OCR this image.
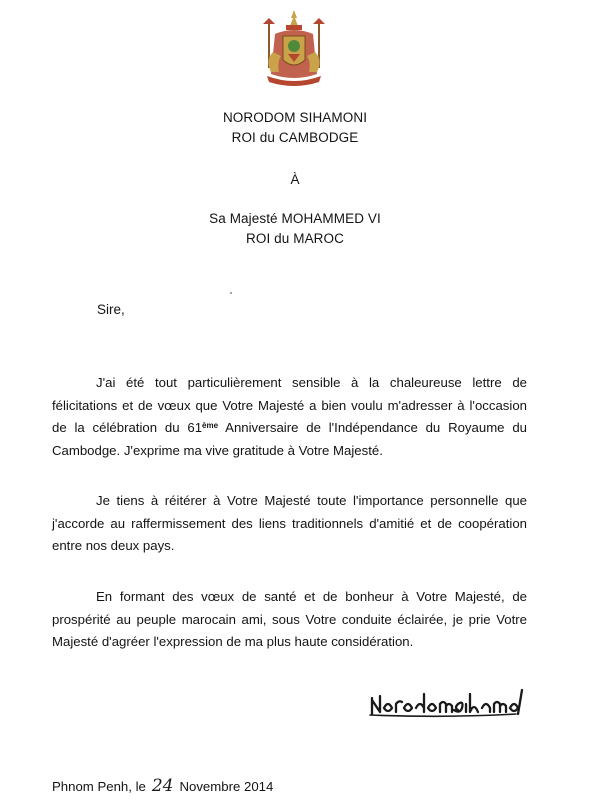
NORODOM SIHAMONI
ROI du CAMBODGE
À
Sa Majesté MOHAMMED VI
ROI du MAROC
Sire,

J'ai été tout particulièrement sensible à la chaleureuse lettre de félicitations et de vœux que Votre Majesté a bien voulu m'adresser à l'occasion de la célébration du 61ème Anniversaire de l'Indépendance du Royaume du Cambodge. J'exprime ma vive gratitude à Votre Majesté.

Je tiens à réitérer à Votre Majesté toute l'importance personnelle que j'accorde au raffermissement des liens traditionnels d'amitié et de coopération entre nos deux pays.

En formant des vœux de santé et de bonheur à Votre Majesté, de prospérité au peuple marocain ami, sous Votre conduite éclairée, je prie Votre Majesté d'agréer l'expression de ma plus haute considération.

Phnom Penh, le 24 Novembre 2014
